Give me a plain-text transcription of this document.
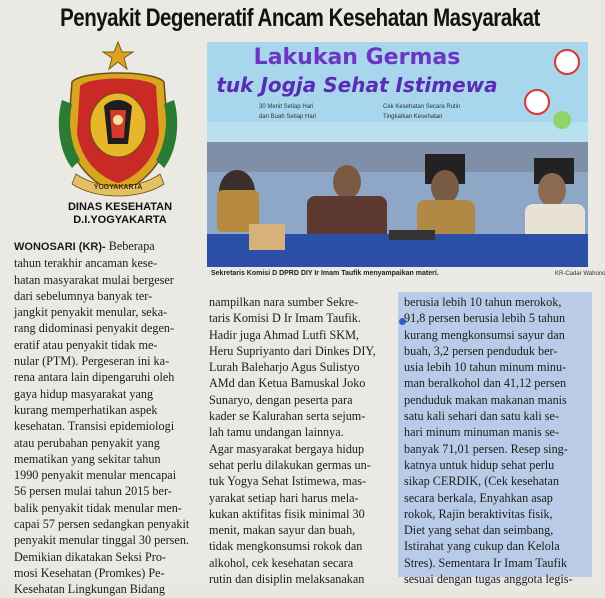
Penyakit Degeneratif Ancam Kesehatan Masyarakat
YOGYAKARTA
DINAS KESEHATAN
D.I.YOGYAKARTA
Lakukan Germas
tuk Jogja Sehat Istimewa
30 Menit Setiap Hari
dan Buah Setiap Hari
Cek Kesehatan Secara Rutin
Tingkatkan Kesehatan
Sekretaris Komisi D DPRD DIY Ir Imam Taufik menyampaikan materi.	KR-Cadar Wahono

WONOSARI (KR)- Beberapa

tahun terakhir ancaman kese-

hatan masyarakat mulai bergeser

dari sebelumnya banyak ter-

jangkit penyakit menular, seka-

rang didominasi penyakit degen-

eratif atau penyakit tidak me-

nular (PTM). Pergeseran ini ka-

rena antara lain dipengaruhi oleh

gaya hidup masyarakat yang

kurang memperhatikan aspek

kesehatan. Transisi epidemiologi

atau perubahan penyakit yang

mematikan yang sekitar tahun

1990 penyakit menular mencapai

56 persen mulai tahun 2015 ber-

balik penyakit tidak menular men-

capai 57 persen sedangkan penyakit

penyakit menular tinggal 30 persen.

Demikian dikatakan Seksi Pro-

mosi Kesehatan (Promkes) Pe-

Kesehatan Lingkungan Bidang

nampilkan nara sumber Sekre-

taris Komisi D Ir Imam Taufik.

Hadir juga Ahmad Lutfi SKM,

Heru Supriyanto dari Dinkes DIY,

Lurah Baleharjo Agus Sulistyo

AMd dan Ketua Bamuskal Joko

Sunaryo, dengan peserta para

kader se Kalurahan serta sejum-

lah tamu undangan lainnya.

Agar masyarakat bergaya hidup

sehat perlu dilakukan germas un-

tuk Yogya Sehat Istimewa, mas-

yarakat setiap hari harus mela-

kukan aktifitas fisik minimal 30

menit, makan sayur dan buah,

tidak mengkonsumsi rokok dan

alkohol, cek kesehatan secara

rutin dan disiplin melaksanakan

berusia lebih 10 tahun merokok,

91,8 persen berusia lebih 5 tahun

kurang mengkonsumsi sayur dan

buah, 3,2 persen penduduk ber-

usia lebih 10 tahun minum minu-

man beralkohol dan 41,12 persen

penduduk makan makanan manis

satu kali sehari dan satu kali se-

hari minum minuman manis se-

banyak 71,01 persen. Resep sing-

katnya untuk hidup sehat perlu

sikap CERDIK, (Cek kesehatan

secara berkala, Enyahkan asap

rokok, Rajin beraktivitas fisik,

Diet yang sehat dan seimbang,

Istirahat yang cukup dan Kelola

Stres). Sementara Ir Imam Taufik

sesuai dengan tugas anggota legis-
